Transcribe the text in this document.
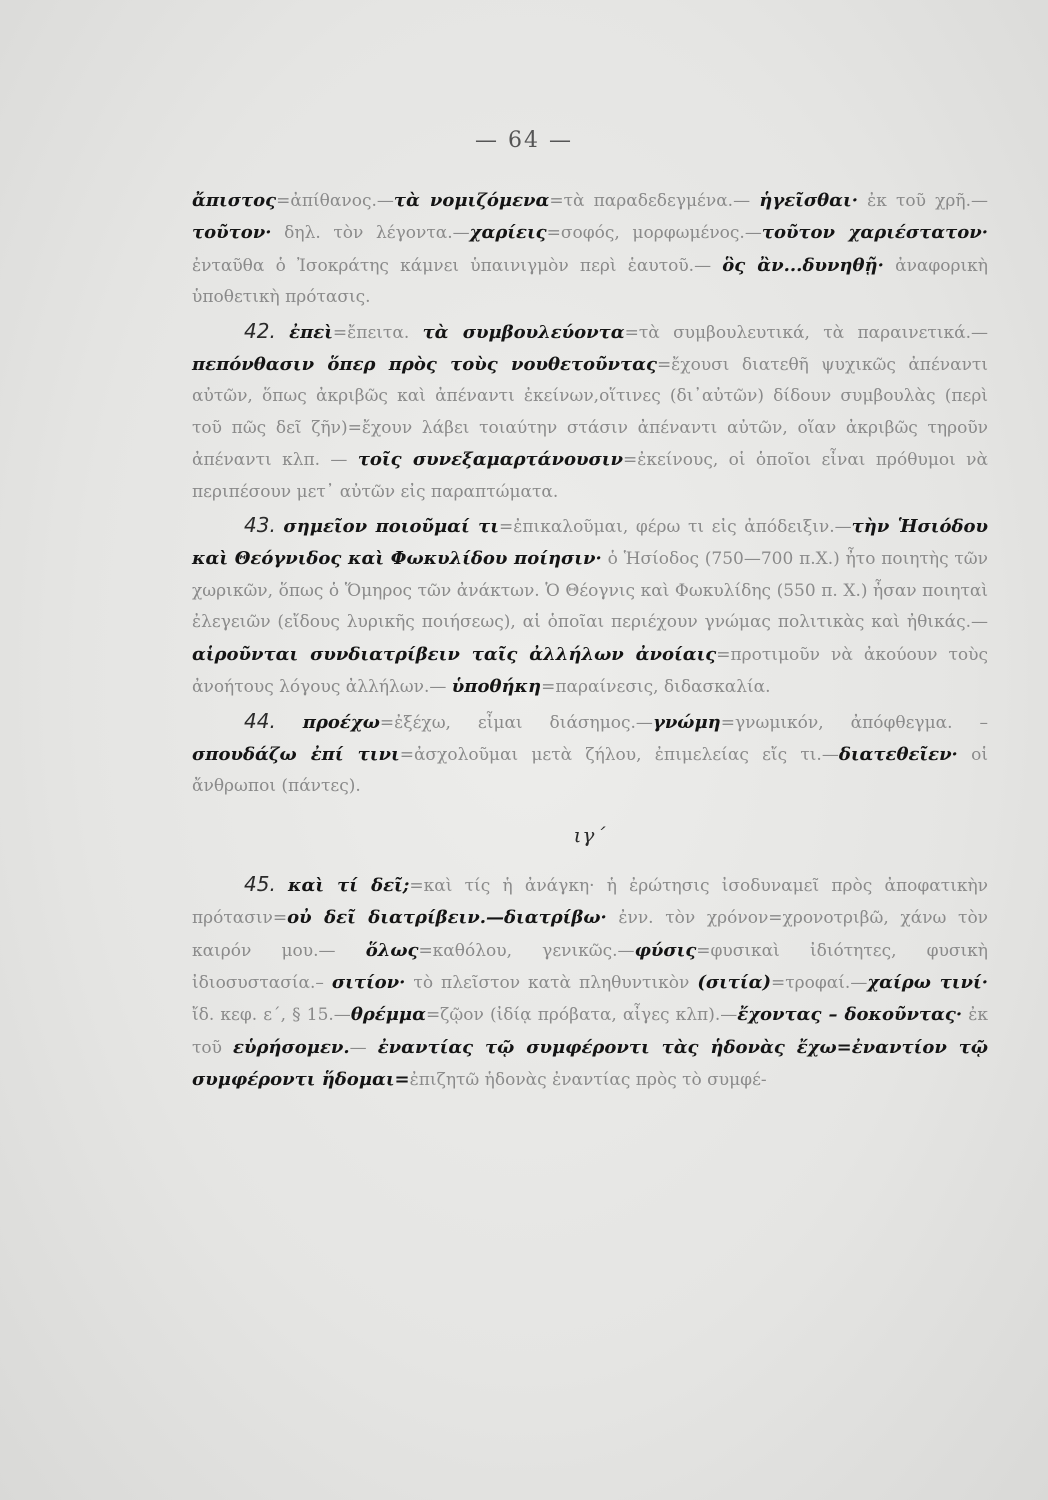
— 64 —

ἄπιστος=ἀπίθανος.—τὰ νομιζόμενα=τὰ παραδεδεγμένα.— ἡγεῖσθαι· ἐκ τοῦ χρῆ.—τοῦτον· δηλ. τὸν λέγοντα.—χαρίεις=σοφός, μορφωμένος.—τοῦτον χαριέστατον· ἐνταῦθα ὁ Ἰσοκράτης κάμνει ὑπαινιγμὸν περὶ ἑαυτοῦ.— ὃς ἂν...δυνηθῇ· ἀναφορικὴ ὑποθετικὴ πρότασις.

42. ἐπεὶ=ἔπειτα. τὰ συμβουλεύοντα=τὰ συμβουλευτικά, τὰ παραινετικά.—πεπόνθασιν ὅπερ πρὸς τοὺς νουθετοῦντας=ἔχουσι διατεθῆ ψυχικῶς ἀπέναντι αὐτῶν, ὅπως ἀκριβῶς καὶ ἀπέναντι ἐκείνων,οἵτινες (δι᾽αὐτῶν) δίδουν συμβουλὰς (περὶ τοῦ πῶς δεῖ ζῆν)=ἔχουν λάβει τοιαύτην στάσιν ἀπέναντι αὐτῶν, οἵαν ἀκριβῶς τηροῦν ἀπέναντι κλπ. — τοῖς συνεξαμαρτάνουσιν=ἐκείνους, οἱ ὁποῖοι εἶναι πρόθυμοι νὰ περιπέσουν μετ᾽ αὐτῶν εἰς παραπτώματα.

43. σημεῖον ποιοῦμαί τι=ἐπικαλοῦμαι, φέρω τι εἰς ἀπόδειξιν.—τὴν Ἡσιόδου καὶ Θεόγνιδος καὶ Φωκυλίδου ποίησιν· ὁ Ἡσίοδος (750—700 π.Χ.) ἦτο ποιητὴς τῶν χωρικῶν, ὅπως ὁ Ὅμηρος τῶν ἀνάκτων. Ὁ Θέογνις καὶ Φωκυλίδης (550 π. Χ.) ἦσαν ποιηταὶ ἐλεγειῶν (εἴδους λυρικῆς ποιήσεως), αἱ ὁποῖαι περιέχουν γνώμας πολιτικὰς καὶ ἠθικάς.—αἱροῦνται συνδιατρίβειν ταῖς ἀλλήλων ἀνοίαις=προτιμοῦν νὰ ἀκούουν τοὺς ἀνοήτους λόγους ἀλλήλων.— ὑποθήκη=παραίνεσις, διδασκαλία.

44. προέχω=ἐξέχω, εἶμαι διάσημος.—γνώμη=γνωμικόν, ἀπόφθεγμα. – σπουδάζω ἐπί τινι=ἀσχολοῦμαι μετὰ ζήλου, ἐπιμελείας εἴς τι.—διατεθεῖεν· οἱ ἄνθρωποι (πάντες).

ιγ´

45. καὶ τί δεῖ;=καὶ τίς ἡ ἀνάγκη· ἡ ἐρώτησις ἰσοδυναμεῖ πρὸς ἀποφατικὴν πρότασιν=οὐ δεῖ διατρίβειν.—διατρίβω· ἐνν. τὸν χρόνον=χρονοτριβῶ, χάνω τὸν καιρόν μου.— ὅλως=καθόλου, γενικῶς.—φύσις=φυσικαὶ ἰδιότητες, φυσικὴ ἰδιοσυστασία.– σιτίον· τὸ πλεῖστον κατὰ πληθυντικὸν (σιτία)=τροφαί.—χαίρω τινί· ἴδ. κεφ. ε´, § 15.—θρέμμα=ζῷον (ἰδίᾳ πρόβατα, αἶγες κλπ).—ἔχοντας – δοκοῦντας· ἐκ τοῦ εὑρήσομεν.— ἐναντίας τῷ συμφέροντι τὰς ἡδονὰς ἔχω=ἐναντίον τῷ συμφέροντι ἥδομαι=ἐπιζητῶ ἡδονὰς ἐναντίας πρὸς τὸ συμφέ-
